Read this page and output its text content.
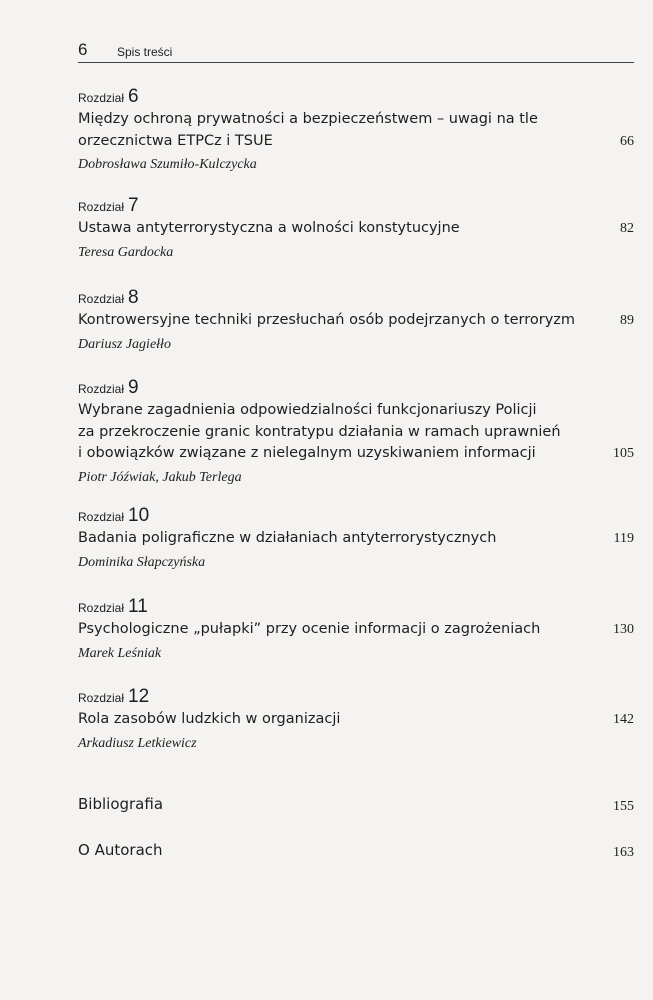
6 Spis treści
Rozdział 6
Między ochroną prywatności a bezpieczeństwem – uwagi na tle
orzecznictwa ETPCz i TSUE	66
Dobrosława Szumiło-Kulczycka
Rozdział 7
Ustawa antyterrorystyczna a wolności konstytucyjne	82
Teresa Gardocka
Rozdział 8
Kontrowersyjne techniki przesłuchań osób podejrzanych o terroryzm	89
Dariusz Jagiełło
Rozdział 9
Wybrane zagadnienia odpowiedzialności funkcjonariuszy Policji
za przekroczenie granic kontratypu działania w ramach uprawnień
i obowiązków związane z nielegalnym uzyskiwaniem informacji	105
Piotr Jóźwiak, Jakub Terlega
Rozdział 10
Badania poligraficzne w działaniach antyterrorystycznych	119
Dominika Słapczyńska
Rozdział 11
Psychologiczne „pułapki” przy ocenie informacji o zagrożeniach	130
Marek Leśniak
Rozdział 12
Rola zasobów ludzkich w organizacji	142
Arkadiusz Letkiewicz
Bibliografia	155
O Autorach	163
